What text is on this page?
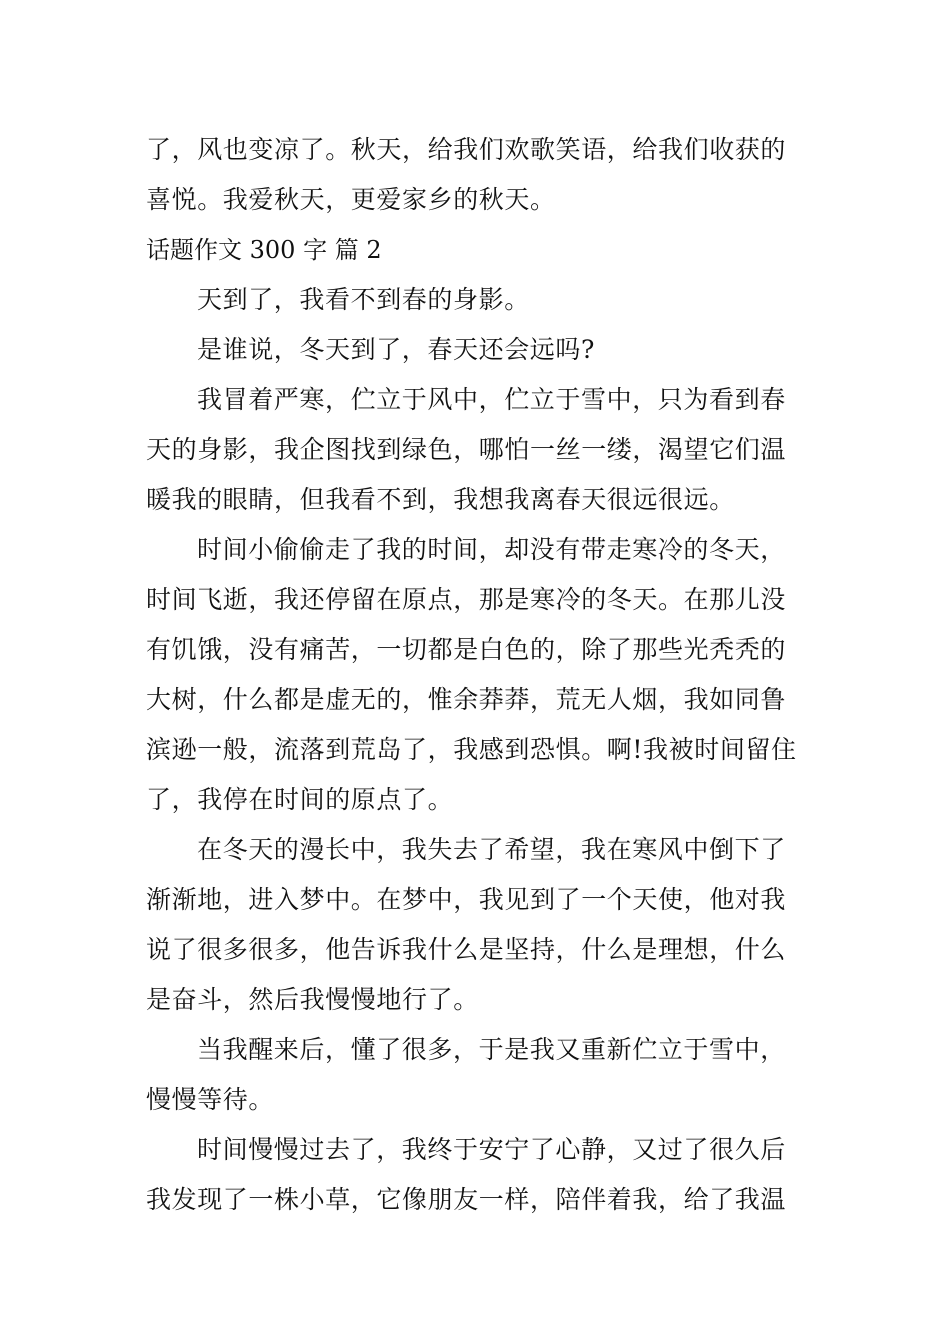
了，风也变凉了。秋天，给我们欢歌笑语，给我们收获的
喜悦。我爱秋天，更爱家乡的秋天。
话题作文 300 字 篇 2
天到了，我看不到春的身影。
是谁说，冬天到了，春天还会远吗?
我冒着严寒，伫立于风中，伫立于雪中，只为看到春
天的身影，我企图找到绿色，哪怕一丝一缕，渴望它们温
暖我的眼睛，但我看不到，我想我离春天很远很远。
时间小偷偷走了我的时间，却没有带走寒冷的冬天，
时间飞逝，我还停留在原点，那是寒冷的冬天。在那儿没
有饥饿，没有痛苦，一切都是白色的，除了那些光秃秃的
大树，什么都是虚无的，惟余莽莽，荒无人烟，我如同鲁
滨逊一般，流落到荒岛了，我感到恐惧。啊!我被时间留住
了，我停在时间的原点了。
在冬天的漫长中，我失去了希望，我在寒风中倒下了
渐渐地，进入梦中。在梦中，我见到了一个天使，他对我
说了很多很多，他告诉我什么是坚持，什么是理想，什么
是奋斗，然后我慢慢地行了。
当我醒来后，懂了很多，于是我又重新伫立于雪中，
慢慢等待。
时间慢慢过去了，我终于安宁了心静，又过了很久后
我发现了一株小草，它像朋友一样，陪伴着我，给了我温
